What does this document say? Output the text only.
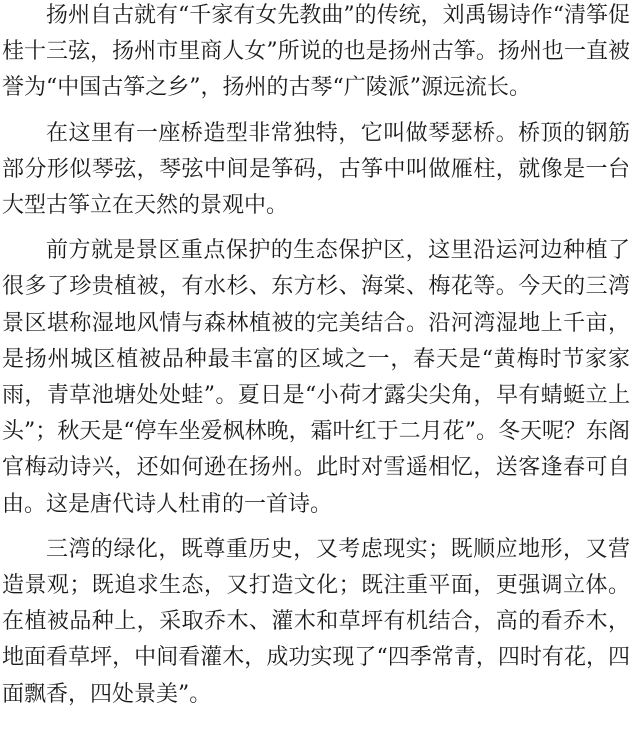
扬州自古就有“千家有女先教曲”的传统，刘禹锡诗作“清筝促桂十三弦，扬州市里商人女”所说的也是扬州古筝。扬州也一直被誉为“中国古筝之乡”，扬州的古琴“广陵派”源远流长。

在这里有一座桥造型非常独特，它叫做琴瑟桥。桥顶的钢筋部分形似琴弦，琴弦中间是筝码，古筝中叫做雁柱，就像是一台大型古筝立在天然的景观中。

前方就是景区重点保护的生态保护区，这里沿运河边种植了很多了珍贵植被，有水杉、东方杉、海棠、梅花等。今天的三湾景区堪称湿地风情与森林植被的完美结合。沿河湾湿地上千亩，是扬州城区植被品种最丰富的区域之一，春天是“黄梅时节家家雨，青草池塘处处蛙”。夏日是“小荷才露尖尖角，早有蜻蜓立上头”；秋天是“停车坐爱枫林晚，霜叶红于二月花”。冬天呢？东阁官梅动诗兴，还如何逊在扬州。此时对雪遥相忆，送客逢春可自由。这是唐代诗人杜甫的一首诗。

三湾的绿化，既尊重历史，又考虑现实；既顺应地形，又营造景观；既追求生态，又打造文化；既注重平面，更强调立体。在植被品种上，采取乔木、灌木和草坪有机结合，高的看乔木，地面看草坪，中间看灌木，成功实现了“四季常青，四时有花，四面飘香，四处景美”。
